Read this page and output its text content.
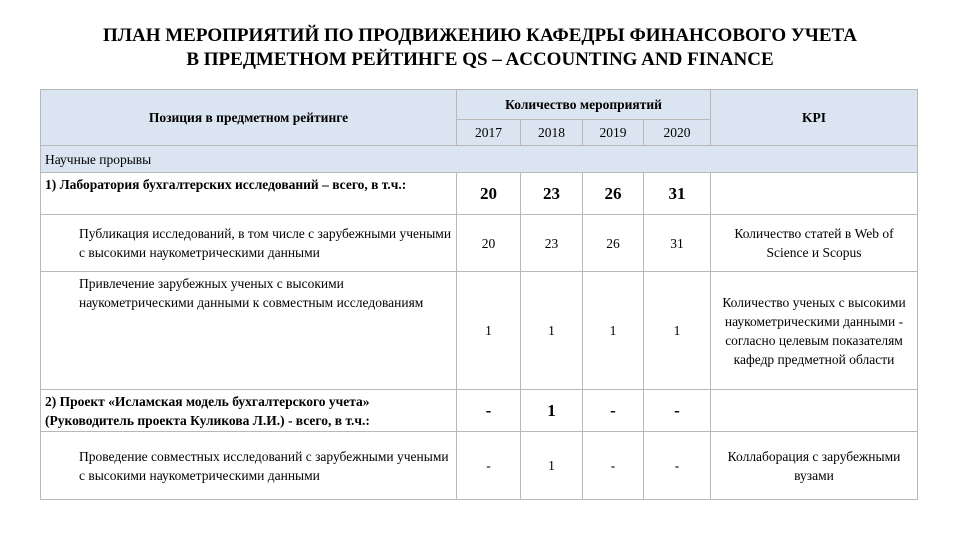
ПЛАН МЕРОПРИЯТИЙ ПО ПРОДВИЖЕНИЮ КАФЕДРЫ ФИНАНСОВОГО УЧЕТА
В ПРЕДМЕТНОМ РЕЙТИНГЕ QS – ACCOUNTING AND FINANCE
Позиция в предметном рейтинге	Количество мероприятий				KPI
	2017	2018	2019	2020	
Научные прорывы					
1) Лаборатория бухгалтерских исследований – всего, в т.ч.:	20	23	26	31	
Публикация исследований, в том числе с зарубежными учеными с высокими наукометрическими данными	20	23	26	31	Количество статей в Web of Science и Scopus
Привлечение зарубежных ученых с высокими наукометрическими данными к совместным исследованиям	1	1	1	1	Количество ученых с высокими наукометрическими данными - согласно целевым показателям кафедр предметной области
2) Проект «Исламская модель бухгалтерского учета» (Руководитель проекта Куликова Л.И.) - всего, в т.ч.:	-	1	-	-	
Проведение совместных исследований с зарубежными учеными с высокими наукометрическими данными	-	1	-	-	Коллаборация с зарубежными вузами
